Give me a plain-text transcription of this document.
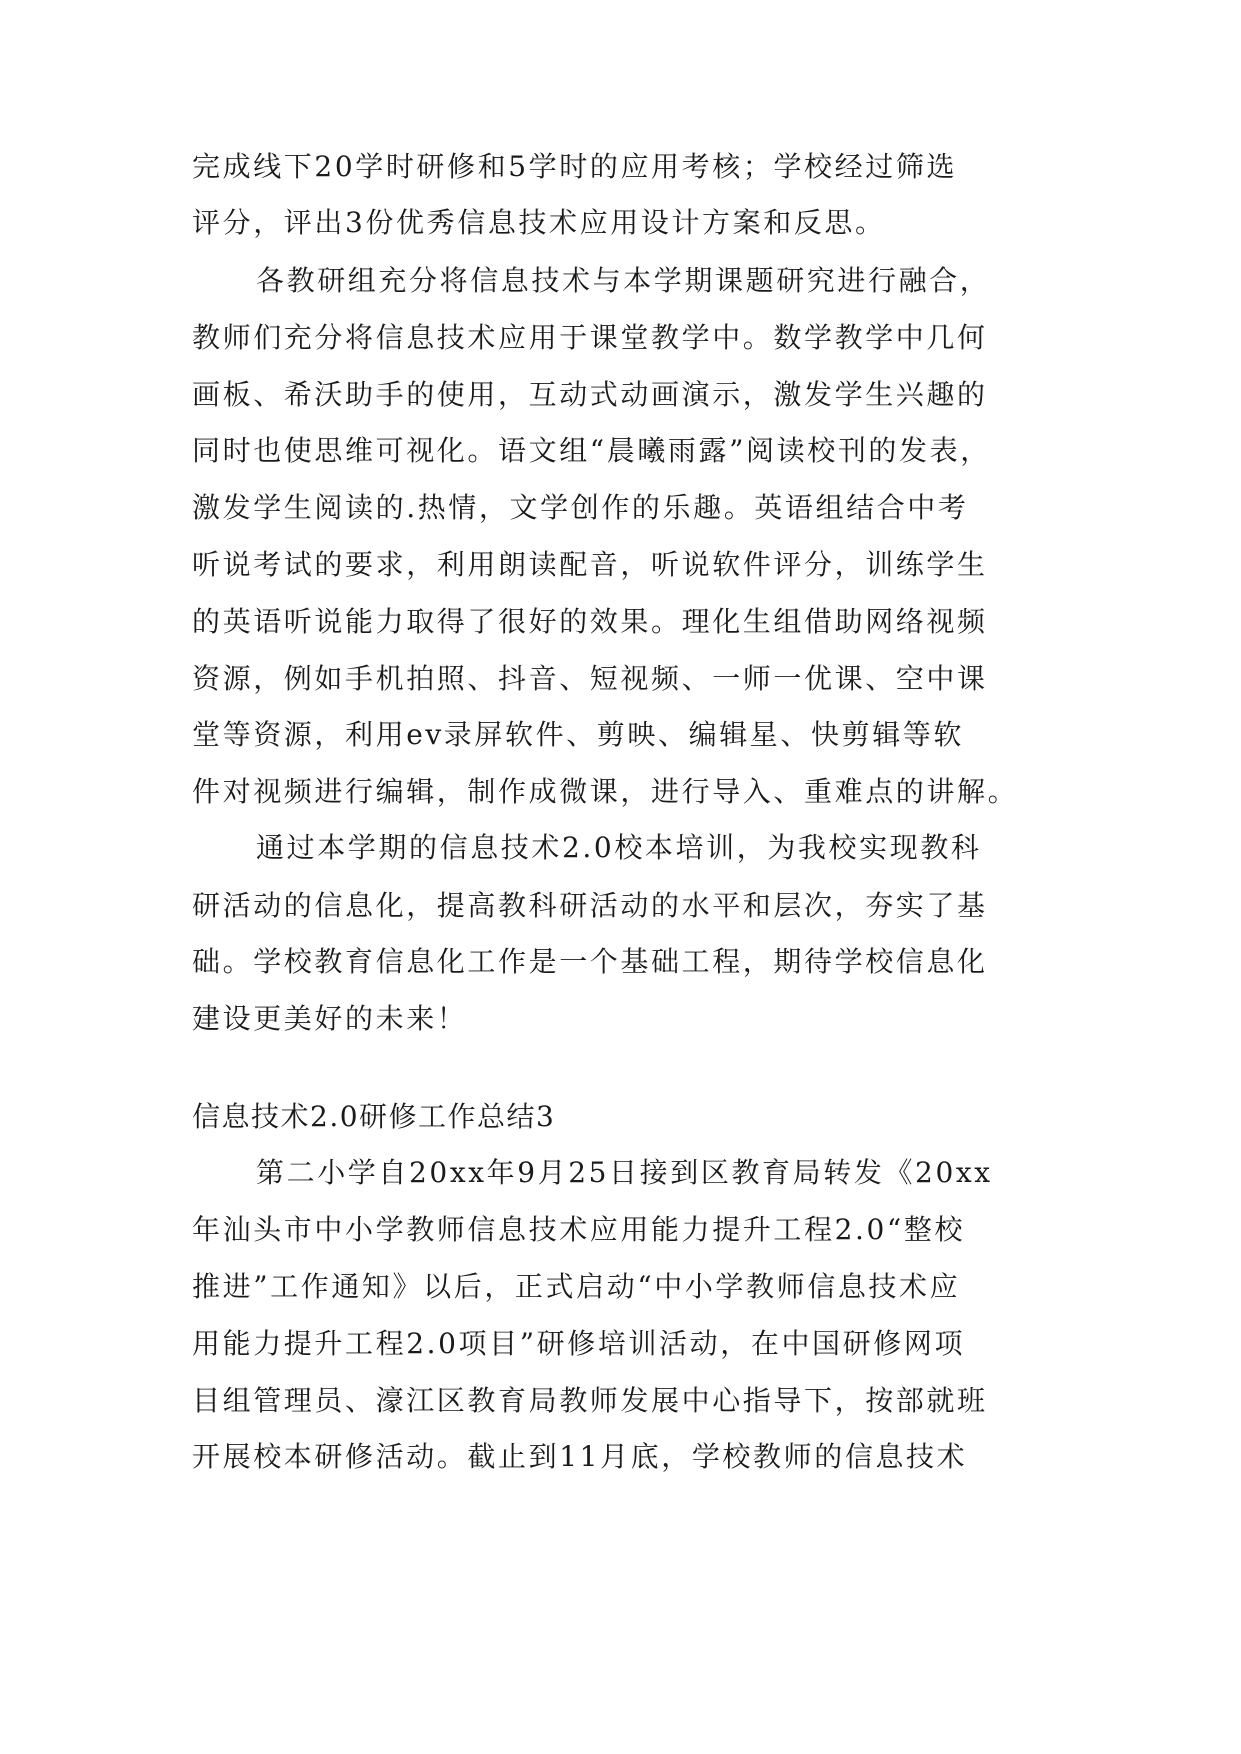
完成线下20学时研修和5学时的应用考核；学校经过筛选
评分，评出3份优秀信息技术应用设计方案和反思。
各教研组充分将信息技术与本学期课题研究进行融合，
教师们充分将信息技术应用于课堂教学中。数学教学中几何
画板、希沃助手的使用，互动式动画演示，激发学生兴趣的
同时也使思维可视化。语文组“晨曦雨露”阅读校刊的发表，
激发学生阅读的.热情，文学创作的乐趣。英语组结合中考
听说考试的要求，利用朗读配音，听说软件评分，训练学生
的英语听说能力取得了很好的效果。理化生组借助网络视频
资源，例如手机拍照、抖音、短视频、一师一优课、空中课
堂等资源，利用ev录屏软件、剪映、编辑星、快剪辑等软
件对视频进行编辑，制作成微课，进行导入、重难点的讲解。
通过本学期的信息技术2.0校本培训，为我校实现教科
研活动的信息化，提高教科研活动的水平和层次，夯实了基
础。学校教育信息化工作是一个基础工程，期待学校信息化
建设更美好的未来！
信息技术2.0研修工作总结3
第二小学自20xx年9月25日接到区教育局转发《20xx
年汕头市中小学教师信息技术应用能力提升工程2.0“整校
推进”工作通知》以后，正式启动“中小学教师信息技术应
用能力提升工程2.0项目”研修培训活动，在中国研修网项
目组管理员、濠江区教育局教师发展中心指导下，按部就班
开展校本研修活动。截止到11月底，学校教师的信息技术
